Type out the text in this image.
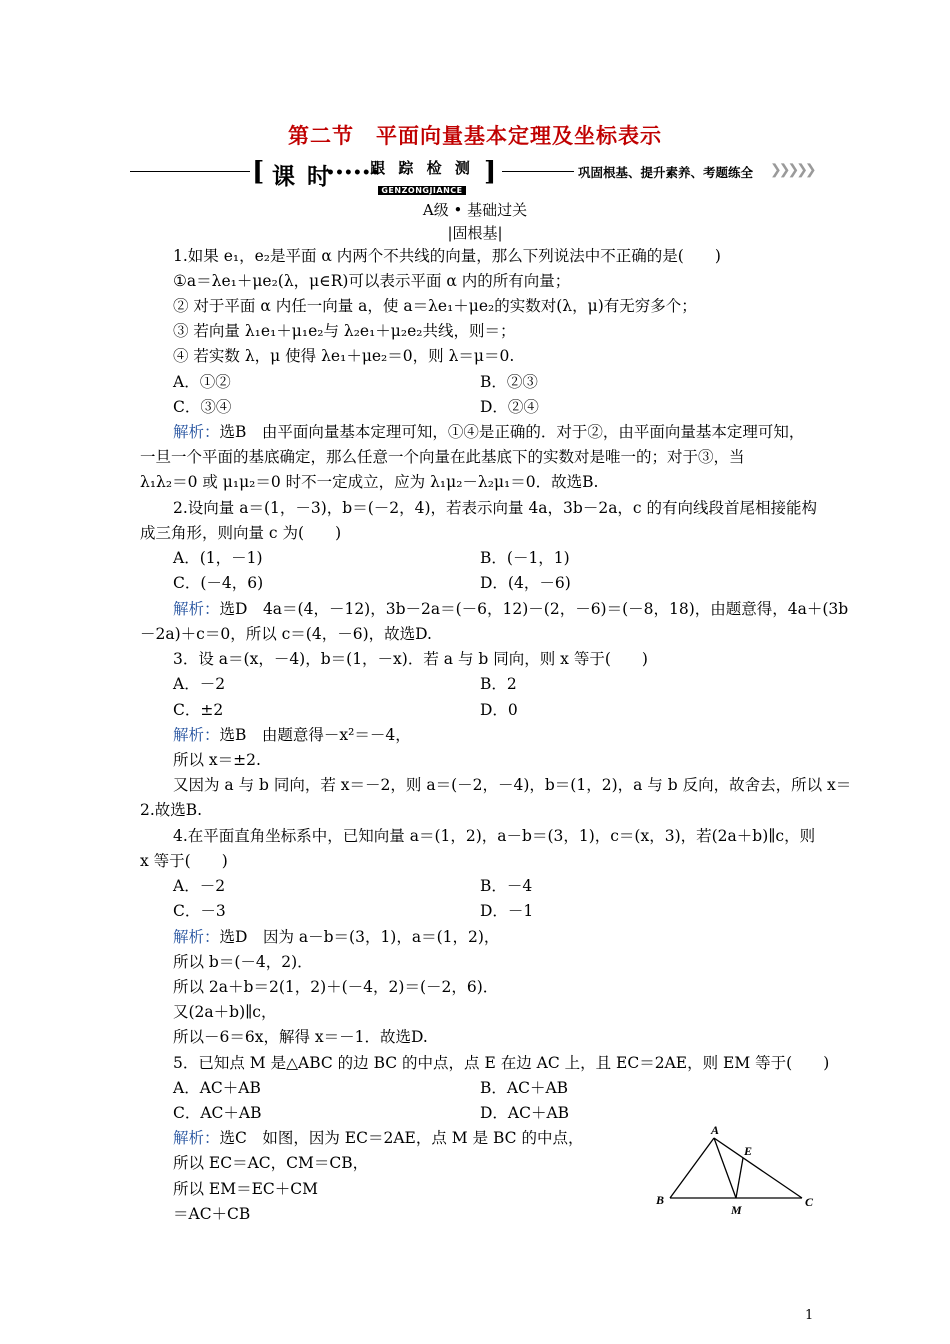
第二节　平面向量基本定理及坐标表示
[ 课 时
••••••
跟 踪 检 测
GENZONGJIANCE
]	巩固根基、提升素养、考题练全 ❯❯❯❯❯
A级 • 基础过关
|固根基|
1.如果 e₁，e₂是平面 α 内两个不共线的向量，那么下列说法中不正确的是(　　)
①a＝λe₁＋μe₂(λ，μ∈R)可以表示平面 α 内的所有向量；
② 对于平面 α 内任一向量 a，使 a＝λe₁＋μe₂的实数对(λ，μ)有无穷多个；
③ 若向量 λ₁e₁＋μ₁e₂与 λ₂e₁＋μ₂e₂共线，则＝；
④ 若实数 λ，μ 使得 λe₁＋μe₂＝0，则 λ＝μ＝0.
A．①②	B．②③
C．③④	D．②④
解析：选B　由平面向量基本定理可知，①④是正确的．对于②，由平面向量基本定理可知，
一旦一个平面的基底确定，那么任意一个向量在此基底下的实数对是唯一的；对于③，当
λ₁λ₂＝0 或 μ₁μ₂＝0 时不一定成立，应为 λ₁μ₂－λ₂μ₁＝0．故选B.
2.设向量 a＝(1，－3)，b＝(－2，4)，若表示向量 4a，3b－2a，c 的有向线段首尾相接能构
成三角形，则向量 c 为(　　)
A．(1，－1)	B．(－1，1)
C．(－4，6)	D．(4，－6)
解析：选D　4a＝(4，－12)，3b－2a＝(－6，12)－(2，－6)＝(－8，18)，由题意得，4a＋(3b
－2a)＋c＝0，所以 c＝(4，－6)，故选D.
3．设 a＝(x，－4)，b＝(1，－x)．若 a 与 b 同向，则 x 等于(　　)
A．－2	B．2
C．±2	D．0
解析：选B　由题意得－x²＝－4，
所以 x＝±2.
又因为 a 与 b 同向，若 x＝－2，则 a＝(－2，－4)，b＝(1，2)，a 与 b 反向，故舍去，所以 x＝
2.故选B.
4.在平面直角坐标系中，已知向量 a＝(1，2)，a－b＝(3，1)，c＝(x，3)，若(2a＋b)∥c，则
x 等于(　　)
A．－2	B．－4
C．－3	D．－1
解析：选D　因为 a－b＝(3，1)，a＝(1，2)，
所以 b＝(－4，2)．
所以 2a＋b＝2(1，2)＋(－4，2)＝(－2，6)．
又(2a＋b)∥c，
所以－6＝6x，解得 x＝－1．故选D.
5．已知点 M 是△ABC 的边 BC 的中点，点 E 在边 AC 上，且 EC＝2AE，则 EM 等于(　　)
A．AC＋AB	B．AC＋AB
C．AC＋AB	D．AC＋AB
解析：选C　如图，因为 EC＝2AE，点 M 是 BC 的中点，
所以 EC＝AC，CM＝CB，
所以 EM＝EC＋CM
＝AC＋CB
A
E
B
M
C
1
